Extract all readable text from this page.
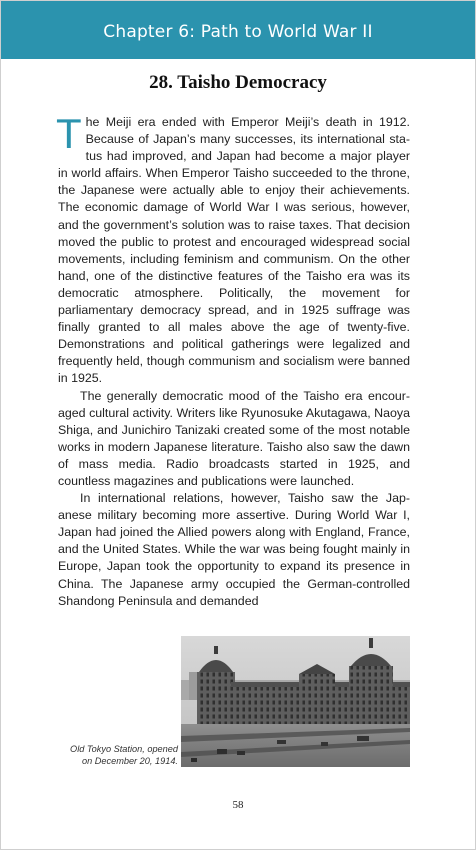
Chapter 6: Path to World War II
28. Taisho Democracy

The Meiji era ended with Emperor Meiji’s death in 1912. Because of Japan’s many successes, its international status had improved, and Japan had become a major player in world affairs. When Emperor Taisho succeeded to the throne, the Japanese were actually able to enjoy their achievements. The economic damage of World War I was serious, however, and the government’s solution was to raise taxes. That decision moved the public to protest and encouraged widespread social movements, including feminism and communism. On the other hand, one of the distinctive features of the Taisho era was its democratic atmosphere. Politically, the movement for parliamentary democracy spread, and in 1925 suffrage was finally granted to all males above the age of twenty-five. Demonstrations and political gatherings were legalized and frequently held, though communism and socialism were banned in 1925.

The generally democratic mood of the Taisho era encouraged cultural activity. Writers like Ryunosuke Akutagawa, Naoya Shiga, and Junichiro Tanizaki created some of the most notable works in modern Japanese literature. Taisho also saw the dawn of mass media. Radio broadcasts started in 1925, and countless magazines and publications were launched.

In international relations, however, Taisho saw the Japanese military becoming more assertive. During World War I, Japan had joined the Allied powers along with England, France, and the United States. While the war was being fought mainly in Europe, Japan took the opportunity to expand its presence in China. The Japanese army occupied the German-controlled Shandong Peninsula and demanded

Old Tokyo Station, opened on December 20, 1914.
58
